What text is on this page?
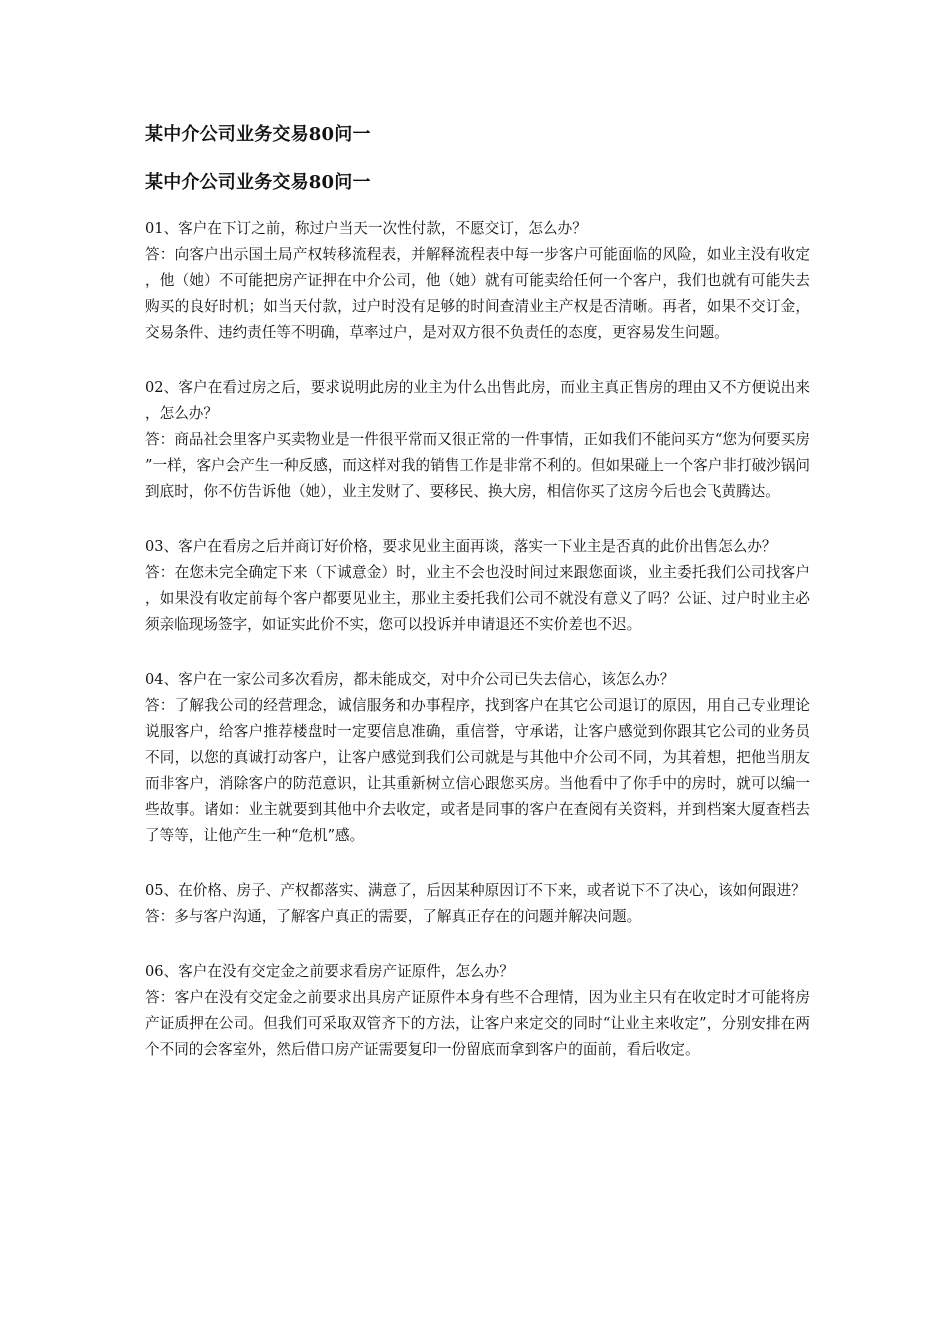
某中介公司业务交易80问一
某中介公司业务交易80问一

01、客户在下订之前，称过户当天一次性付款，不愿交订，怎么办？

答：向客户出示国土局产权转移流程表，并解释流程表中每一步客户可能面临的风险，如业主没有收定，他（她）不可能把房产证押在中介公司，他（她）就有可能卖给任何一个客户，我们也就有可能失去购买的良好时机；如当天付款，过户时没有足够的时间查清业主产权是否清晰。再者，如果不交订金，交易条件、违约责任等不明确，草率过户，是对双方很不负责任的态度，更容易发生问题。

02、客户在看过房之后，要求说明此房的业主为什么出售此房，而业主真正售房的理由又不方便说出来，怎么办？

答：商品社会里客户买卖物业是一件很平常而又很正常的一件事情，正如我们不能问买方“您为何要买房”一样，客户会产生一种反感，而这样对我的销售工作是非常不利的。但如果碰上一个客户非打破沙锅问到底时，你不仿告诉他（她），业主发财了、要移民、换大房，相信你买了这房今后也会飞黄腾达。

03、客户在看房之后并商订好价格，要求见业主面再谈，落实一下业主是否真的此价出售怎么办？

答：在您未完全确定下来（下诚意金）时，业主不会也没时间过来跟您面谈，业主委托我们公司找客户，如果没有收定前每个客户都要见业主，那业主委托我们公司不就没有意义了吗？公证、过户时业主必须亲临现场签字，如证实此价不实，您可以投诉并申请退还不实价差也不迟。

04、客户在一家公司多次看房，都未能成交，对中介公司已失去信心，该怎么办？

答：了解我公司的经营理念，诚信服务和办事程序，找到客户在其它公司退订的原因，用自己专业理论说服客户，给客户推荐楼盘时一定要信息准确，重信誉，守承诺，让客户感觉到你跟其它公司的业务员不同，以您的真诚打动客户，让客户感觉到我们公司就是与其他中介公司不同，为其着想，把他当朋友而非客户，消除客户的防范意识，让其重新树立信心跟您买房。当他看中了你手中的房时，就可以编一些故事。诸如：业主就要到其他中介去收定，或者是同事的客户在查阅有关资料，并到档案大厦查档去了等等，让他产生一种“危机”感。

05、在价格、房子、产权都落实、满意了，后因某种原因订不下来，或者说下不了决心，该如何跟进？

答：多与客户沟通，了解客户真正的需要，了解真正存在的问题并解决问题。

06、客户在没有交定金之前要求看房产证原件，怎么办？

答：客户在没有交定金之前要求出具房产证原件本身有些不合理情，因为业主只有在收定时才可能将房产证质押在公司。但我们可采取双管齐下的方法，让客户来定交的同时“让业主来收定”，分别安排在两个不同的会客室外，然后借口房产证需要复印一份留底而拿到客户的面前，看后收定。
